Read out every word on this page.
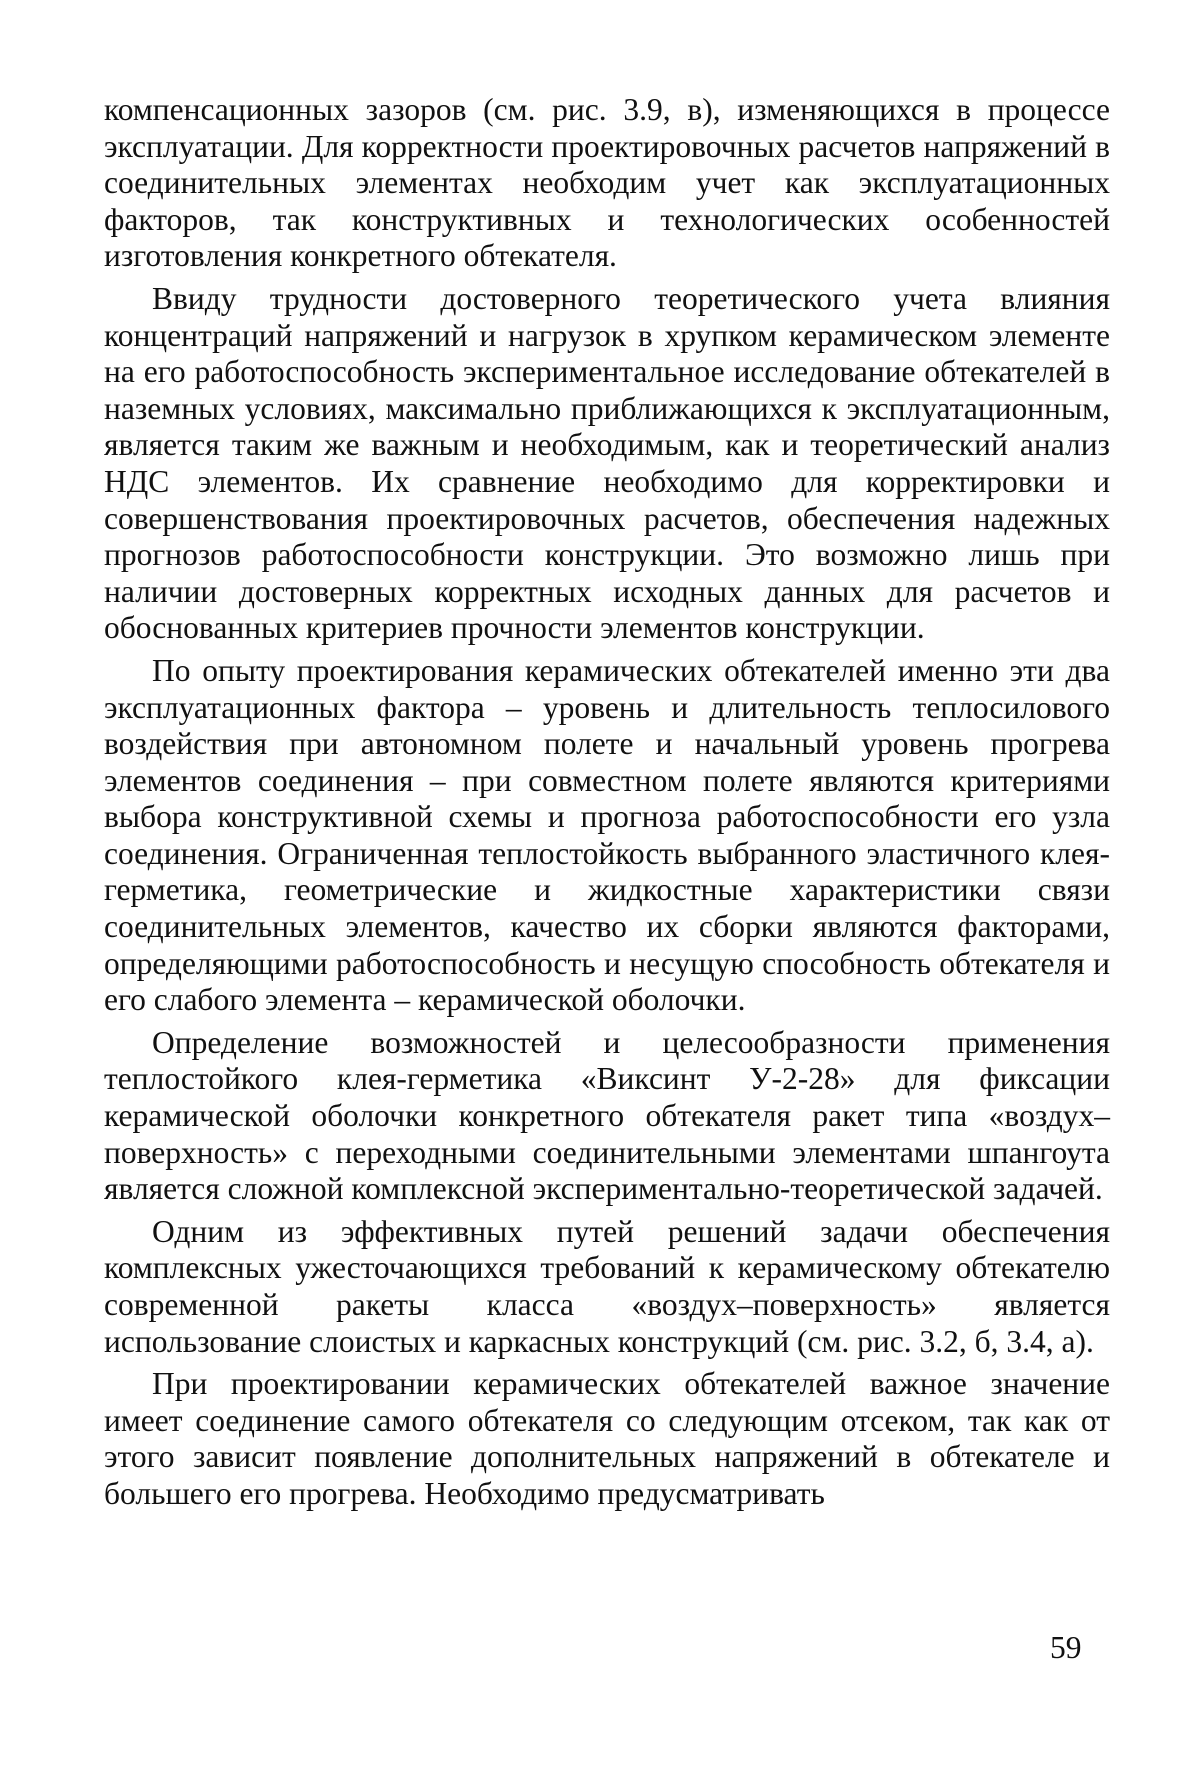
компенсационных зазоров (см. рис. 3.9, в), изменяющихся в процессе эксплуатации. Для корректности проектировочных расчетов напряжений в соединительных элементах необходим учет как эксплуатационных факторов, так конструктивных и технологических особенностей изготовления конкретного обтекателя.

Ввиду трудности достоверного теоретического учета влияния концентраций напряжений и нагрузок в хрупком керамическом элементе на его работоспособность экспериментальное исследование обтекателей в наземных условиях, максимально приближающихся к эксплуатационным, является таким же важным и необходимым, как и теоретический анализ НДС элементов. Их сравнение необходимо для корректировки и совершенствования проектировочных расчетов, обеспечения надежных прогнозов работоспособности конструкции. Это возможно лишь при наличии достоверных корректных исходных данных для расчетов и обоснованных критериев прочности элементов конструкции.

По опыту проектирования керамических обтекателей именно эти два эксплуатационных фактора – уровень и длительность теплосилового воздействия при автономном полете и начальный уровень прогрева элементов соединения – при совместном полете являются критериями выбора конструктивной схемы и прогноза работоспособности его узла соединения. Ограниченная теплостойкость выбранного эластичного клея-герметика, геометрические и жидкостные характеристики связи соединительных элементов, качество их сборки являются факторами, определяющими работоспособность и несущую способность обтекателя и его слабого элемента – керамической оболочки.

Определение возможностей и целесообразности применения теплостойкого клея-герметика «Виксинт У-2-28» для фиксации керамической оболочки конкретного обтекателя ракет типа «воздух–поверхность» с переходными соединительными элементами шпангоута является сложной комплексной экспериментально-теоретической задачей.

Одним из эффективных путей решений задачи обеспечения комплексных ужесточающихся требований к керамическому обтекателю современной ракеты класса «воздух–поверхность» является использование слоистых и каркасных конструкций (см. рис. 3.2, б, 3.4, а).

При проектировании керамических обтекателей важное значение имеет соединение самого обтекателя со следующим отсеком, так как от этого зависит появление дополнительных напряжений в обтекателе и большего его прогрева. Необходимо предусматривать

59
